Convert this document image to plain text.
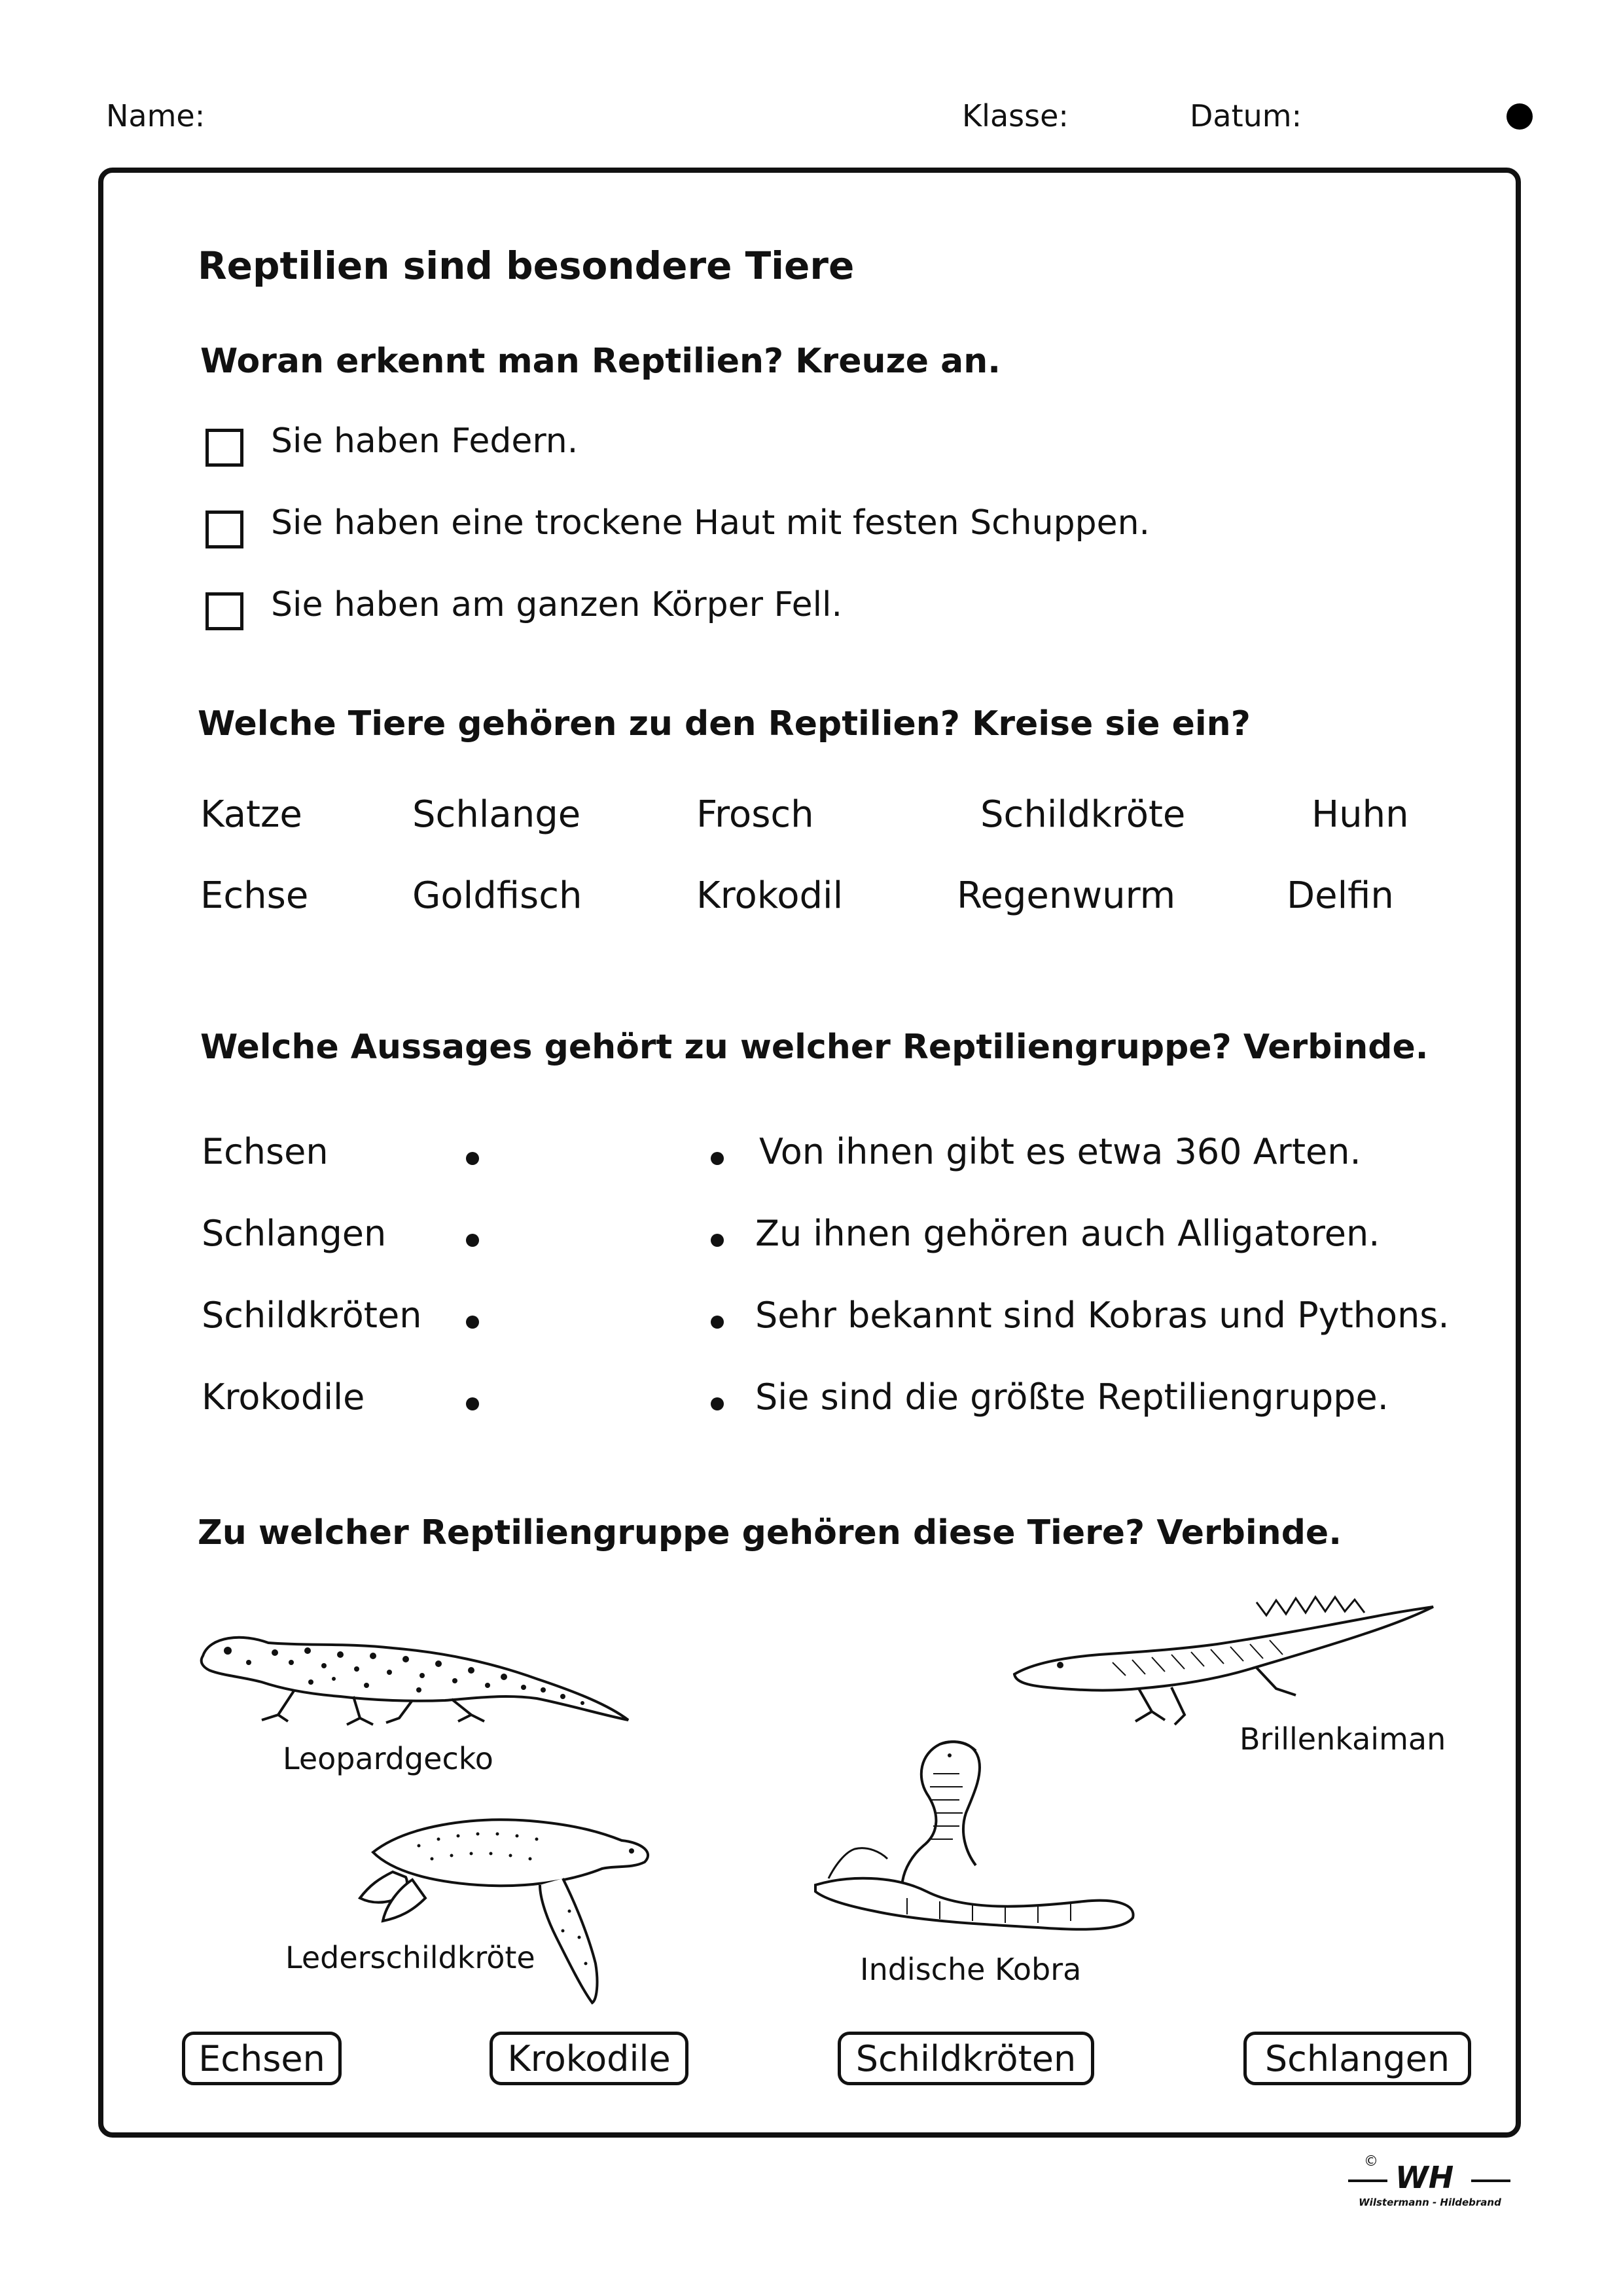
Name:	Klasse:	Datum:
Reptilien sind besondere Tiere
Woran erkennt man Reptilien? Kreuze an.
Sie haben Federn.
Sie haben eine trockene Haut mit festen Schuppen.
Sie haben am ganzen Körper Fell.
Welche Tiere gehören zu den Reptilien? Kreise sie ein?
Katze	Schlange	Frosch	Schildkröte	Huhn
Echse	Goldfisch	Krokodil	Regenwurm	Delfin
Welche Aussages gehört zu welcher Reptiliengruppe? Verbinde.
Echsen
Schlangen
Schildkröten
Krokodile
Von ihnen gibt es etwa 360 Arten.
Zu ihnen gehören auch Alligatoren.
Sehr bekannt sind Kobras und Pythons.
Sie sind die größte Reptiliengruppe.
Zu welcher Reptiliengruppe gehören diese Tiere? Verbinde.
Leopardgecko
Brillenkaiman
Lederschildkröte	Indische Kobra
Echsen	Krokodile	Schildkröten	Schlangen
© WH
Wilstermann - Hildebrand
